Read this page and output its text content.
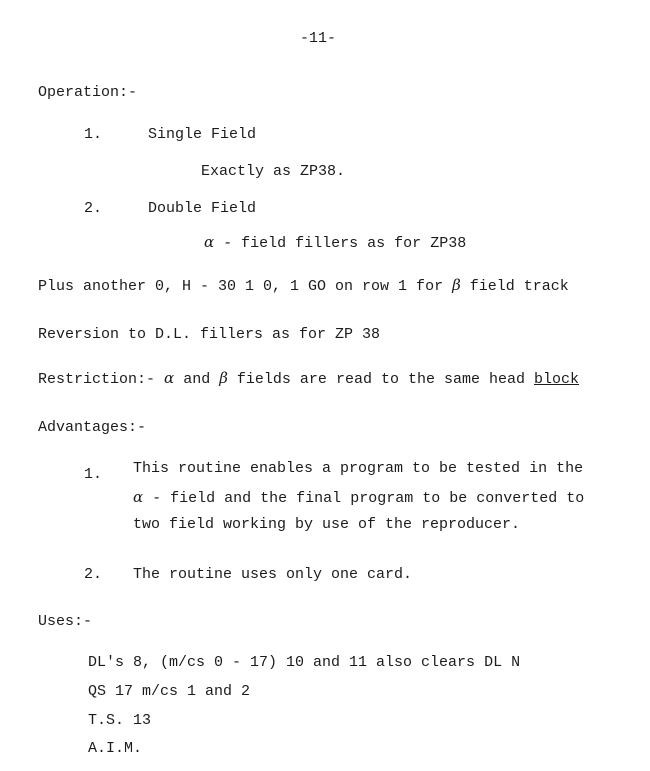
-11-
Operation:-
1.	Single Field
Exactly as ZP38.
2.	Double Field
α - field fillers as for ZP38
Plus another 0, H - 30 1 0, 1 GO on row 1 for β field track
Reversion to D.L. fillers as for ZP 38
Restriction:- α and β fields are read to the same head block
Advantages:-
1. This routine enables a program to be tested in the
α - field and the final program to be converted to
two field working by use of the reproducer.
2. The routine uses only one card.
Uses:-
DL's 8, (m/cs 0 - 17) 10 and 11 also clears DL N
QS 17 m/cs 1 and 2
T.S. 13
A.I.M.
